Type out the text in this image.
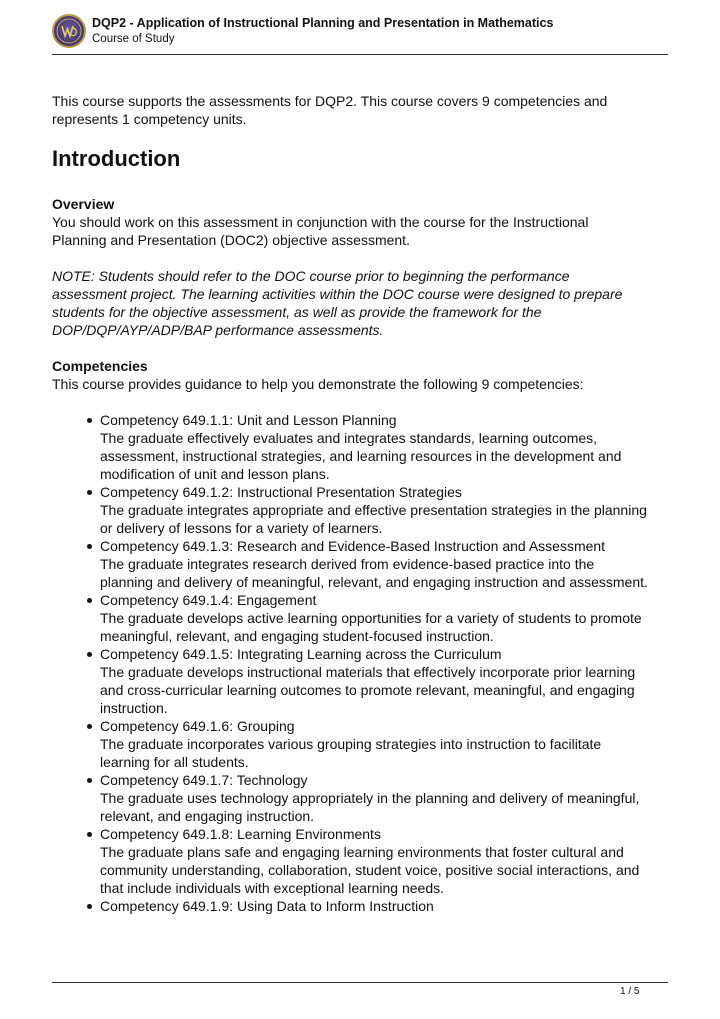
DQP2 - Application of Instructional Planning and Presentation in Mathematics
Course of Study

This course supports the assessments for DQP2. This course covers 9 competencies and

represents 1 competency units.

Introduction

Overview

You should work on this assessment in conjunction with the course for the Instructional

Planning and Presentation (DOC2) objective assessment.

NOTE: Students should refer to the DOC course prior to beginning the performance

assessment project. The learning activities within the DOC course were designed to prepare

students for the objective assessment, as well as provide the framework for the

DOP/DQP/AYP/ADP/BAP performance assessments.

Competencies

This course provides guidance to help you demonstrate the following 9 competencies:

Competency 649.1.1: Unit and Lesson Planning

The graduate effectively evaluates and integrates standards, learning outcomes,

assessment, instructional strategies, and learning resources in the development and

modification of unit and lesson plans.

Competency 649.1.2: Instructional Presentation Strategies

The graduate integrates appropriate and effective presentation strategies in the planning

or delivery of lessons for a variety of learners.

Competency 649.1.3: Research and Evidence-Based Instruction and Assessment

The graduate integrates research derived from evidence-based practice into the

planning and delivery of meaningful, relevant, and engaging instruction and assessment.

Competency 649.1.4: Engagement

The graduate develops active learning opportunities for a variety of students to promote

meaningful, relevant, and engaging student-focused instruction.

Competency 649.1.5: Integrating Learning across the Curriculum

The graduate develops instructional materials that effectively incorporate prior learning

and cross-curricular learning outcomes to promote relevant, meaningful, and engaging

instruction.

Competency 649.1.6: Grouping

The graduate incorporates various grouping strategies into instruction to facilitate

learning for all students.

Competency 649.1.7: Technology

The graduate uses technology appropriately in the planning and delivery of meaningful,

relevant, and engaging instruction.

Competency 649.1.8: Learning Environments

The graduate plans safe and engaging learning environments that foster cultural and

community understanding, collaboration, student voice, positive social interactions, and

that include individuals with exceptional learning needs.

Competency 649.1.9: Using Data to Inform Instruction

1 / 5
